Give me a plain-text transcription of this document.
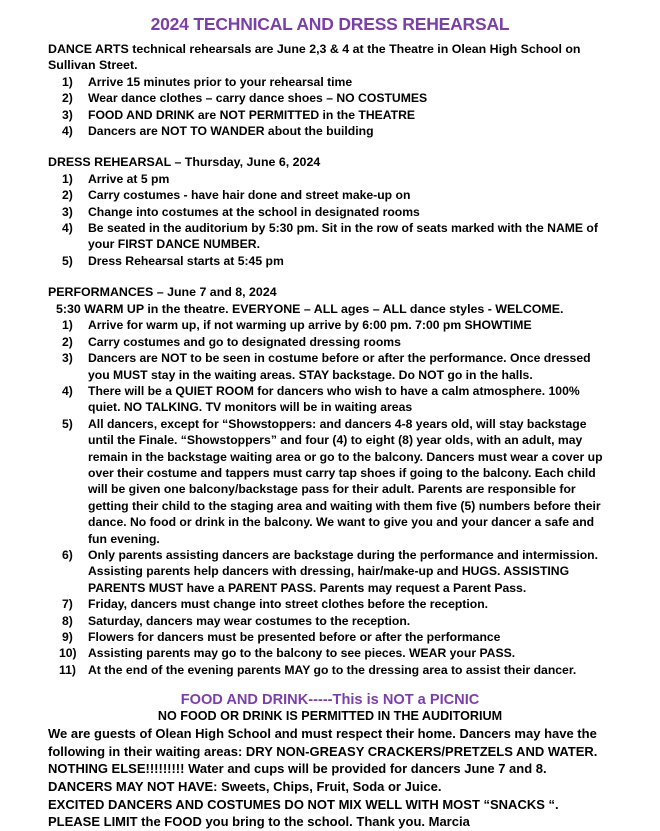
2024 TECHNICAL AND DRESS REHEARSAL

DANCE ARTS technical rehearsals are June 2,3 & 4 at the Theatre in Olean High School on Sullivan Street.

1)	Arrive 15 minutes prior to your rehearsal time
2)	Wear dance clothes – carry dance shoes – NO COSTUMES
3)	FOOD AND DRINK are NOT PERMITTED in the THEATRE
4)	Dancers are NOT TO WANDER about the building

DRESS REHEARSAL – Thursday, June 6, 2024

1)	Arrive at 5 pm
2)	Carry costumes - have hair done and street make-up on
3)	Change into costumes at the school in designated rooms
4)	Be seated in the auditorium by 5:30 pm. Sit in the row of seats marked with the NAME of your FIRST DANCE NUMBER.
5)	Dress Rehearsal starts at 5:45 pm

PERFORMANCES – June 7 and 8, 2024

5:30 WARM UP in the theatre. EVERYONE – ALL ages – ALL dance styles - WELCOME.

1)	Arrive for warm up, if not warming up arrive by 6:00 pm. 7:00 pm SHOWTIME
2)	Carry costumes and go to designated dressing rooms
3)	Dancers are NOT to be seen in costume before or after the performance. Once dressed you MUST stay in the waiting areas. STAY backstage. Do NOT go in the halls.
4)	There will be a QUIET ROOM for dancers who wish to have a calm atmosphere. 100% quiet. NO TALKING. TV monitors will be in waiting areas
5)	All dancers, except for “Showstoppers: and dancers 4-8 years old, will stay backstage until the Finale. “Showstoppers” and four (4) to eight (8) year olds, with an adult, may remain in the backstage waiting area or go to the balcony. Dancers must wear a cover up over their costume and tappers must carry tap shoes if going to the balcony. Each child will be given one balcony/backstage pass for their adult. Parents are responsible for getting their child to the staging area and waiting with them five (5) numbers before their dance. No food or drink in the balcony. We want to give you and your dancer a safe and fun evening.
6)	Only parents assisting dancers are backstage during the performance and intermission. Assisting parents help dancers with dressing, hair/make-up and HUGS. ASSISTING PARENTS MUST have a PARENT PASS. Parents may request a Parent Pass.
7)	Friday, dancers must change into street clothes before the reception.
8)	Saturday, dancers may wear costumes to the reception.
9)	Flowers for dancers must be presented before or after the performance
10) Assisting parents may go to the balcony to see pieces. WEAR your PASS.
11) At the end of the evening parents MAY go to the dressing area to assist their dancer.

FOOD AND DRINK-----This is NOT a PICNIC

NO FOOD OR DRINK IS PERMITTED IN THE AUDITORIUM

We are guests of Olean High School and must respect their home. Dancers may have the following in their waiting areas: DRY NON-GREASY CRACKERS/PRETZELS AND WATER. NOTHING ELSE!!!!!!!!! Water and cups will be provided for dancers June 7 and 8. DANCERS MAY NOT HAVE: Sweets, Chips, Fruit, Soda or Juice.

EXCITED DANCERS AND COSTUMES DO NOT MIX WELL WITH MOST “SNACKS “.

PLEASE LIMIT the FOOD you bring to the school. Thank you. Marcia
